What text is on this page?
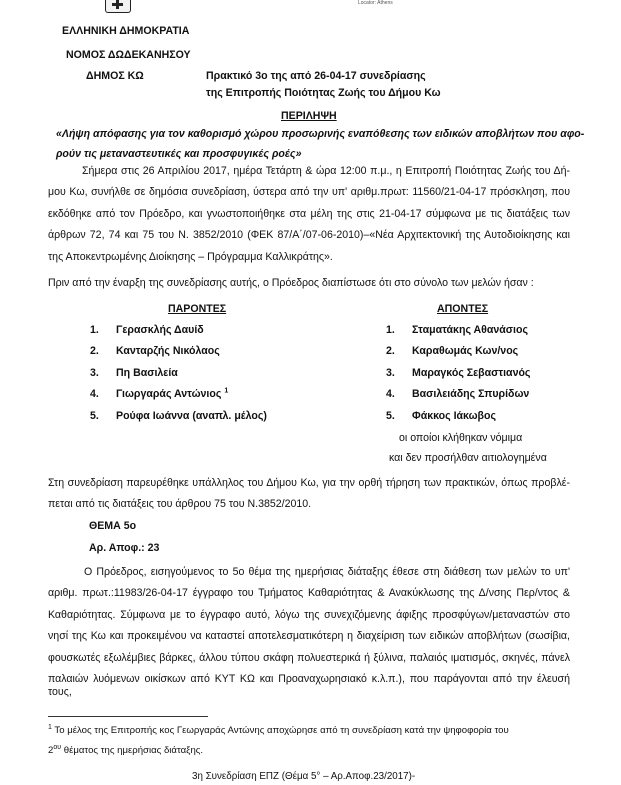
Locator: Athens
ΕΛΛΗΝΙΚΗ ΔΗΜΟΚΡΑΤΙΑ
ΝΟΜΟΣ ΔΩΔΕΚΑΝΗΣΟΥ
ΔΗΜΟΣ ΚΩ	Πρακτικό 3ο της από 26-04-17 συνεδρίασης
της Επιτροπής Ποιότητας Ζωής του Δήμου Κω
ΠΕΡΙΛΗΨΗ
«Λήψη απόφασης για τον καθορισμό χώρου προσωρινής εναπόθεσης των ειδικών αποβλήτων που αφο-
ρούν τις μεταναστευτικές και προσφυγικές ροές»
Σήμερα στις 26 Απριλίου 2017, ημέρα Τετάρτη & ώρα 12:00 π.μ., η Επιτροπή Ποιότητας Ζωής του Δή-
μου Κω, συνήλθε σε δημόσια συνεδρίαση, ύστερα από την υπ' αριθμ.πρωτ: 11560/21-04-17 πρόσκληση, που
εκδόθηκε από τον Πρόεδρο, και γνωστοποιήθηκε στα μέλη της στις 21-04-17 σύμφωνα με τις διατάξεις των
άρθρων 72, 74 και 75 του Ν. 3852/2010 (ΦΕΚ 87/Α΄/07-06-2010)–«Νέα Αρχιτεκτονική της Αυτοδιοίκησης και
της Αποκεντρωμένης Διοίκησης – Πρόγραμμα Καλλικράτης».
Πριν από την έναρξη της συνεδρίασης αυτής, ο Πρόεδρος διαπίστωσε ότι στο σύνολο των μελών ήσαν :
ΠΑΡΟΝΤΕΣ
1. Γερασκλής Δαυίδ
2. Κανταρζής Νικόλαος
3. Πη Βασιλεία
4. Γιωργαράς Αντώνιος $^1$
5. Ρούφα Ιωάννα (αναπλ. μέλος)
ΑΠΟΝΤΕΣ
1. Σταματάκης Αθανάσιος
2. Καραθωμάς Κων/νος
3. Μαραγκός Σεβαστιανός
4. Βασιλειάδης Σπυρίδων
5. Φάκκος Ιάκωβος
οι οποίοι κλήθηκαν νόμιμα
και δεν προσήλθαν αιτιολογημένα
Στη συνεδρίαση παρευρέθηκε υπάλληλος του Δήμου Κω, για την ορθή τήρηση των πρακτικών, όπως προβλέ-
πεται από τις διατάξεις του άρθρου 75 του Ν.3852/2010.
ΘΕΜΑ 5ο
Αρ. Αποφ.: 23
Ο Πρόεδρος, εισηγούμενος το 5ο θέμα της ημερήσιας διάταξης έθεσε στη διάθεση των μελών το υπ'
αριθμ. πρωτ.:11983/26-04-17 έγγραφο του Τμήματος Καθαριότητας & Ανακύκλωσης της Δ/νσης Περ/ντος &
Καθαριότητας. Σύμφωνα με το έγγραφο αυτό, λόγω της συνεχιζόμενης άφιξης προσφύγων/μεταναστών στο
νησί της Κω και προκειμένου να καταστεί αποτελεσματικότερη η διαχείριση των ειδικών αποβλήτων (σωσίβια,
φουσκωτές εξωλέμβιες βάρκες, άλλου τύπου σκάφη πολυεστερικά ή ξύλινα, παλαιός ιματισμός, σκηνές, πάνελ
παλαιών λυόμενων οικίσκων από ΚΥΤ ΚΩ και Προαναχωρησιακό κ.λ.π.), που παράγονται από την έλευσή τους,
$^1$ Το μέλος της Επιτροπής κος Γεωργαράς Αντώνης αποχώρησε από τη συνεδρίαση κατά την ψηφοφορία του
$2^{o\upsilon}$ θέματος της ημερήσιας διάταξης.
3η Συνεδρίαση ΕΠΖ (Θέμα 5° – Αρ.Αποφ.23/2017)-
